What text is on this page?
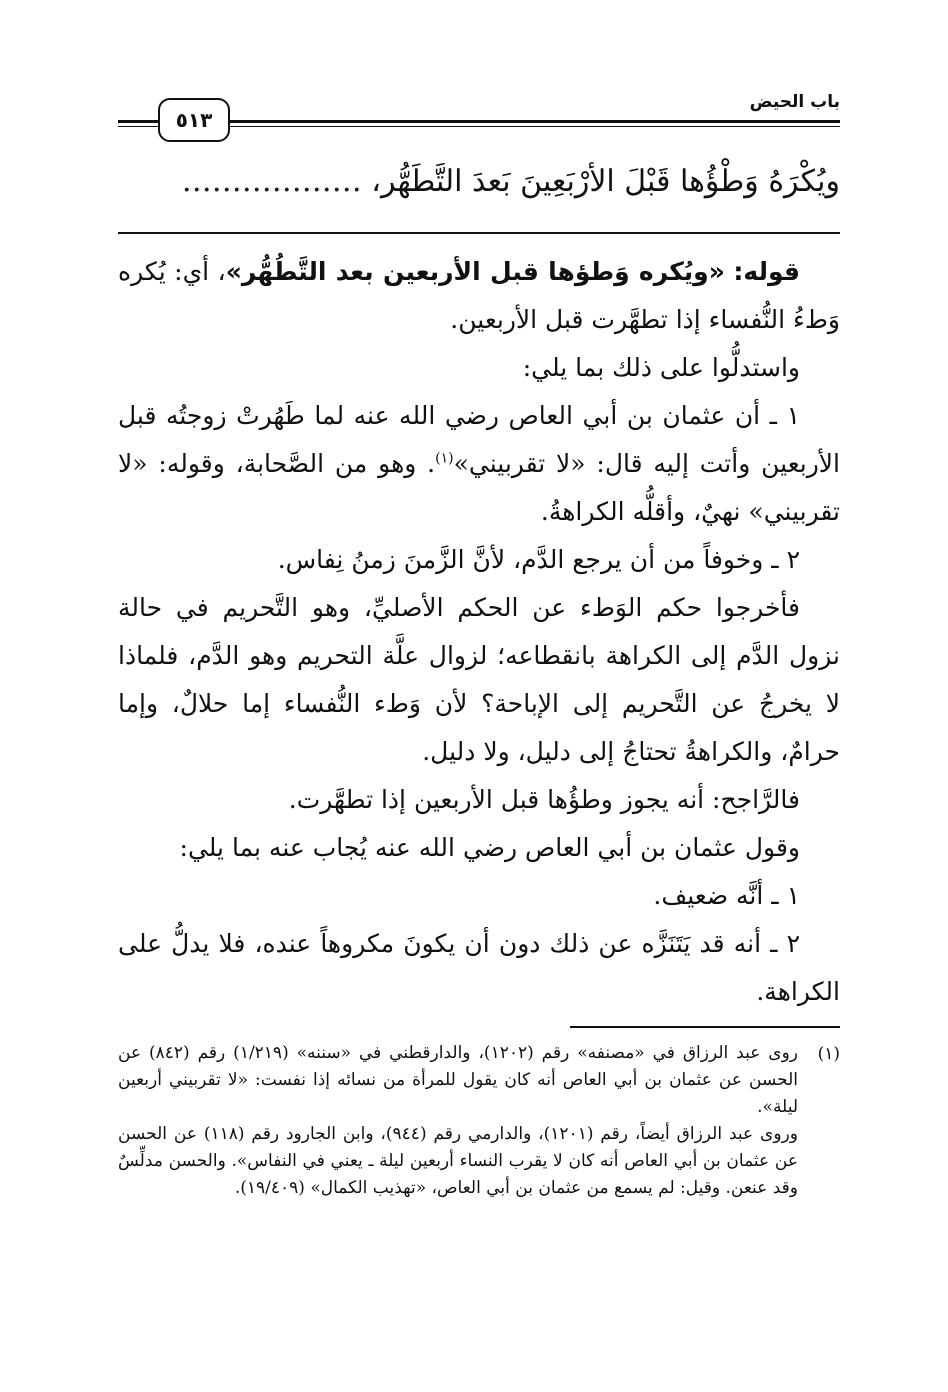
باب الحيض
٥١٣
ويُكْرَهُ وَطْؤُها قَبْلَ الأرْبَعِينَ بَعدَ التَّطَهُّر، ………………

قوله: «ويُكره وَطؤها قبل الأربعين بعد التَّطُهُّر»، أي: يُكره وَطءُ النُّفساء إذا تطهَّرت قبل الأربعين.

واستدلُّوا على ذلك بما يلي:

١ ـ أن عثمان بن أبي العاص رضي الله عنه لما طَهُرتْ زوجتُه قبل الأربعين وأتت إليه قال: «لا تقربيني»$^{(١)}$. وهو من الصَّحابة، وقوله: «لا تقربيني» نهيٌ، وأقلُّه الكراهةُ.

٢ ـ وخوفاً من أن يرجع الدَّم، لأنَّ الزَّمنَ زمنُ نِفاس.

فأخرجوا حكم الوَطء عن الحكم الأصليِّ، وهو التَّحريم في حالة نزول الدَّم إلى الكراهة بانقطاعه؛ لزوال علَّة التحريم وهو الدَّم، فلماذا لا يخرجُ عن التَّحريم إلى الإباحة؟ لأن وَطء النُّفساء إما حلالٌ، وإما حرامٌ، والكراهةُ تحتاجُ إلى دليل، ولا دليل.

فالرَّاجح: أنه يجوز وطؤُها قبل الأربعين إذا تطهَّرت.

وقول عثمان بن أبي العاص رضي الله عنه يُجاب عنه بما يلي:

١ ـ أنَّه ضعيف.

٢ ـ أنه قد يَتَنَزَّه عن ذلك دون أن يكونَ مكروهاً عنده، فلا يدلُّ على الكراهة.

(١)

روى عبد الرزاق في «مصنفه» رقم (١٢٠٢)، والدارقطني في «سننه» (١/٢١٩) رقم (٨٤٢) عن الحسن عن عثمان بن أبي العاص أنه كان يقول للمرأة من نسائه إذا نفست: «لا تقربيني أربعين ليلة».

وروى عبد الرزاق أيضاً، رقم (١٢٠١)، والدارمي رقم (٩٤٤)، وابن الجارود رقم (١١٨) عن الحسن عن عثمان بن أبي العاص أنه كان لا يقرب النساء أربعين ليلة ـ يعني في النفاس». والحسن مدلِّسٌ وقد عنعن. وقيل: لم يسمع من عثمان بن أبي العاص، «تهذيب الكمال» (١٩/٤٠٩).
